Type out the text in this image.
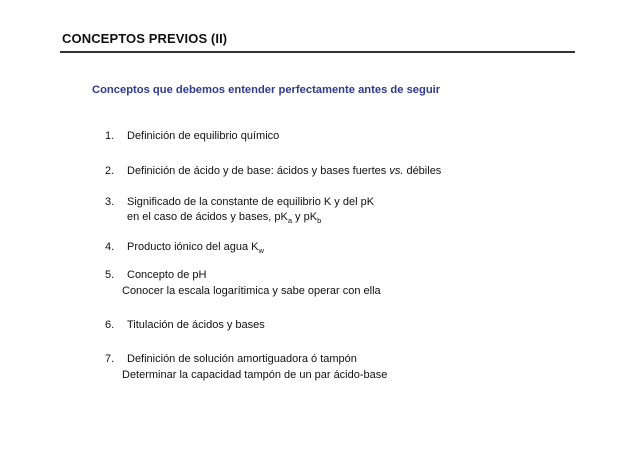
CONCEPTOS PREVIOS (II)
Conceptos que debemos entender perfectamente antes de seguir
1. Definición de equilibrio químico
2. Definición de ácido y de base: ácidos y bases fuertes vs. débiles
3. Significado de la constante de equilibrio K y del pK
en el caso de ácidos y bases, $pK_a$ y $pK_b$
4. Producto iónico del agua $K_w$
5. Concepto de pH
Conocer la escala logarítimica y sabe operar con ella
6. Titulación de ácidos y bases
7. Definición de solución amortiguadora ó tampón
Determinar la capacidad tampón de un par ácido-base
